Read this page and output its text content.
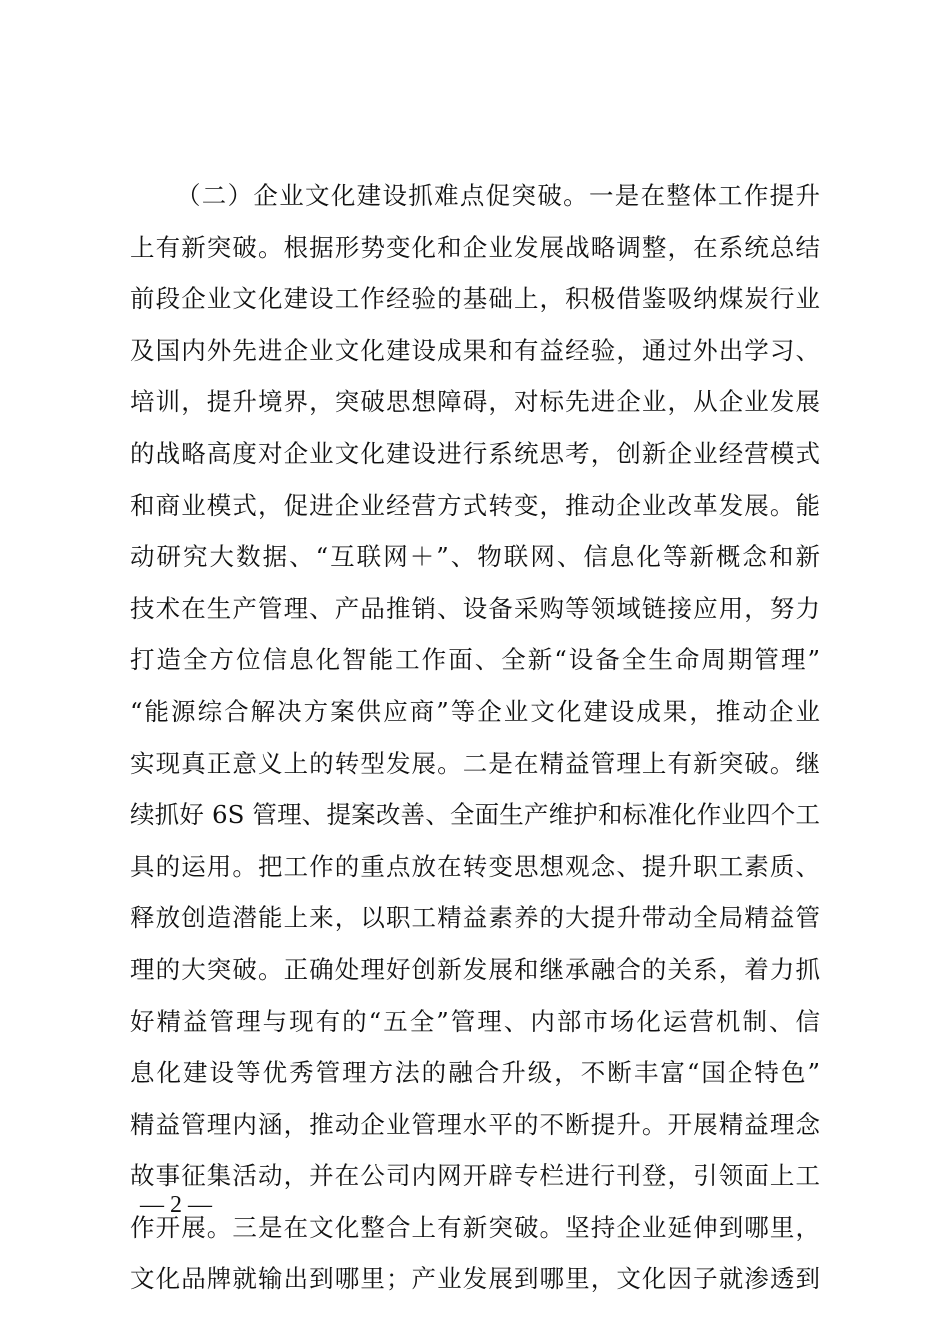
（二）企业文化建设抓难点促突破。一是在整体工作提升
上有新突破。根据形势变化和企业发展战略调整，在系统总结
前段企业文化建设工作经验的基础上，积极借鉴吸纳煤炭行业
及国内外先进企业文化建设成果和有益经验，通过外出学习、
培训，提升境界，突破思想障碍，对标先进企业，从企业发展
的战略高度对企业文化建设进行系统思考，创新企业经营模式
和商业模式，促进企业经营方式转变，推动企业改革发展。能
动研究大数据、“互联网＋”、物联网、信息化等新概念和新
技术在生产管理、产品推销、设备采购等领域链接应用，努力
打造全方位信息化智能工作面、全新“设备全生命周期管理”
“能源综合解决方案供应商”等企业文化建设成果，推动企业
实现真正意义上的转型发展。二是在精益管理上有新突破。继
续抓好 6S 管理、提案改善、全面生产维护和标准化作业四个工
具的运用。把工作的重点放在转变思想观念、提升职工素质、
释放创造潜能上来，以职工精益素养的大提升带动全局精益管
理的大突破。正确处理好创新发展和继承融合的关系，着力抓
好精益管理与现有的“五全”管理、内部市场化运营机制、信
息化建设等优秀管理方法的融合升级，不断丰富“国企特色”
精益管理内涵，推动企业管理水平的不断提升。开展精益理念
故事征集活动，并在公司内网开辟专栏进行刊登，引领面上工
作开展。三是在文化整合上有新突破。坚持企业延伸到哪里，
文化品牌就输出到哪里；产业发展到哪里，文化因子就渗透到
— 2 —
